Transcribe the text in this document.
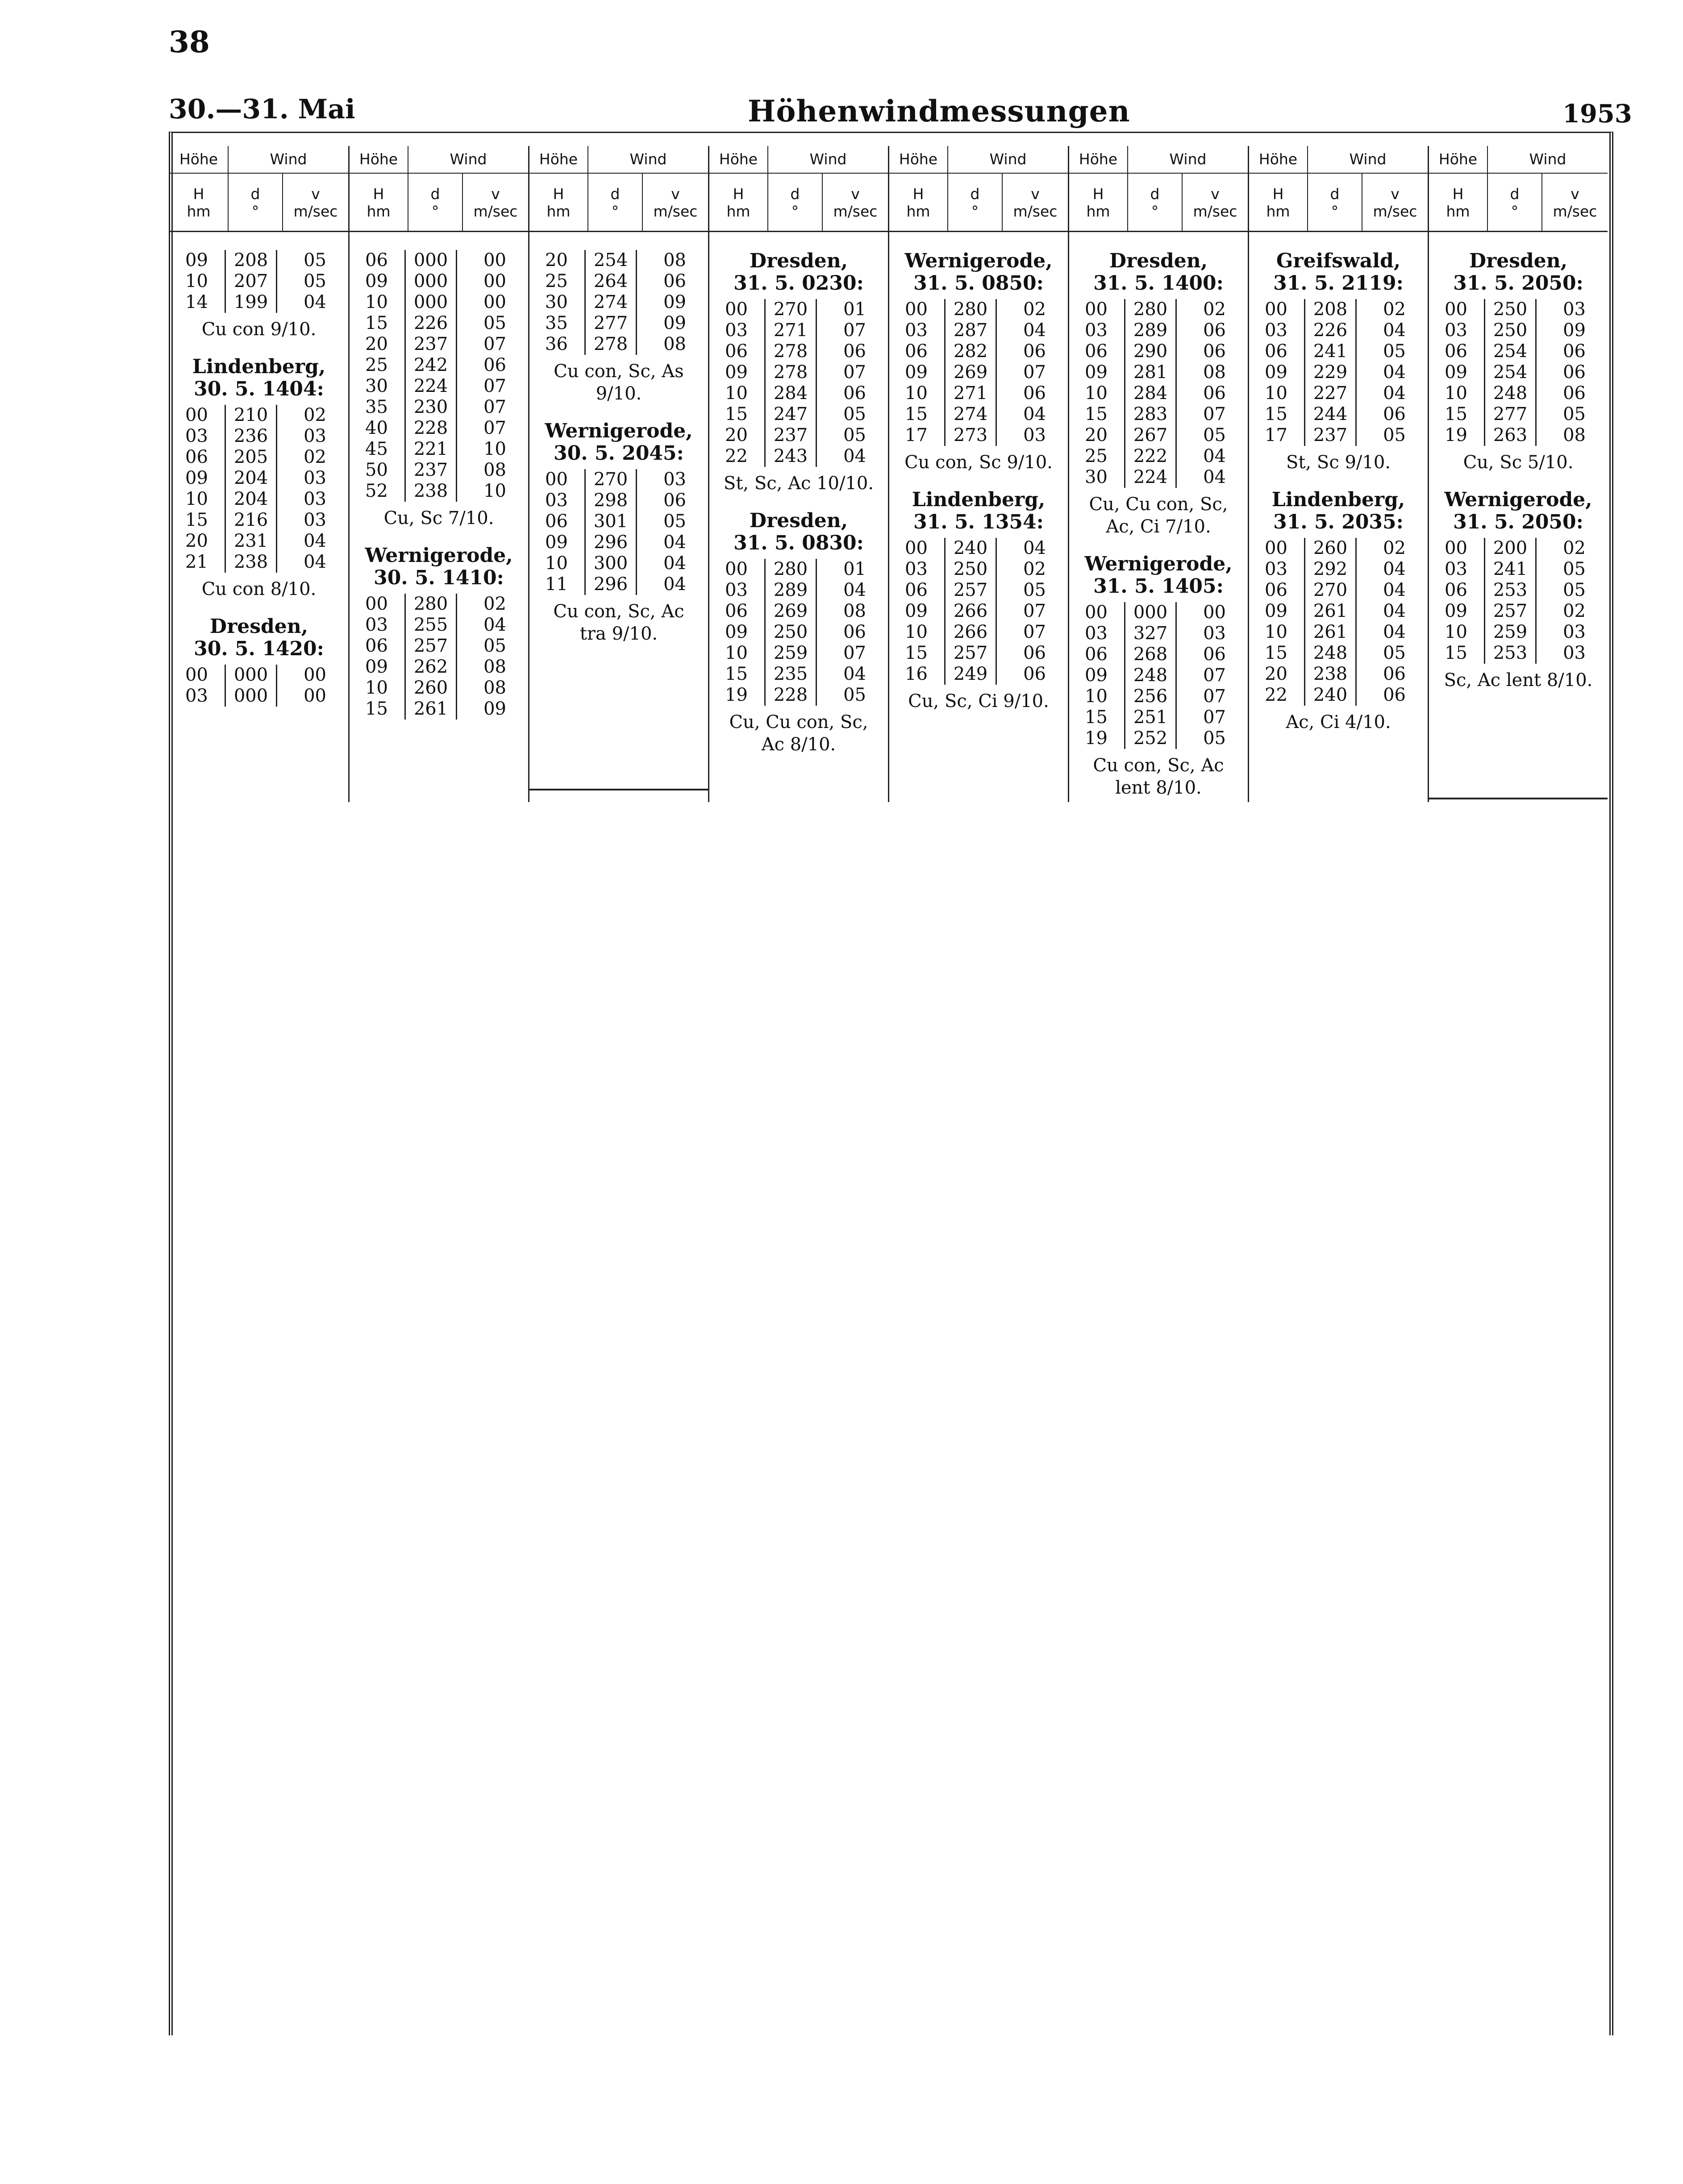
38
30.—31. Mai	Höhenwindmessungen	1953
Höhe	Wind
H
hm
d
°
v
m/sec
09	208	05
10	207	05
14	199	04
Cu con 9/10.
Lindenberg,
30. 5. 1404:
00	210	02
03	236	03
06	205	02
09	204	03
10	204	03
15	216	03
20	231	04
21	238	04
Cu con 8/10.
Dresden,
30. 5. 1420:
00	000	00
03	000	00
Höhe	Wind
H
hm
d
°
v
m/sec
06	000	00
09	000	00
10	000	00
15	226	05
20	237	07
25	242	06
30	224	07
35	230	07
40	228	07
45	221	10
50	237	08
52	238	10
Cu, Sc 7/10.
Wernigerode,
30. 5. 1410:
00	280	02
03	255	04
06	257	05
09	262	08
10	260	08
15	261	09
Höhe	Wind
H
hm
d
°
v
m/sec
20	254	08
25	264	06
30	274	09
35	277	09
36	278	08
Cu con, Sc, As 9/10.
Wernigerode,
30. 5. 2045:
00	270	03
03	298	06
06	301	05
09	296	04
10	300	04
11	296	04
Cu con, Sc, Ac tra 9/10.
Höhe	Wind
H
hm
d
°
v
m/sec
Dresden,
31. 5. 0230:
00	270	01
03	271	07
06	278	06
09	278	07
10	284	06
15	247	05
20	237	05
22	243	04
St, Sc, Ac 10/10.
Dresden,
31. 5. 0830:
00	280	01
03	289	04
06	269	08
09	250	06
10	259	07
15	235	04
19	228	05
Cu, Cu con, Sc, Ac 8/10.
Höhe	Wind
H
hm
d
°
v
m/sec
Wernigerode,
31. 5. 0850:
00	280	02
03	287	04
06	282	06
09	269	07
10	271	06
15	274	04
17	273	03
Cu con, Sc 9/10.
Lindenberg,
31. 5. 1354:
00	240	04
03	250	02
06	257	05
09	266	07
10	266	07
15	257	06
16	249	06
Cu, Sc, Ci 9/10.
Höhe	Wind
H
hm
d
°
v
m/sec
Dresden,
31. 5. 1400:
00	280	02
03	289	06
06	290	06
09	281	08
10	284	06
15	283	07
20	267	05
25	222	04
30	224	04
Cu, Cu con, Sc, Ac, Ci 7/10.
Wernigerode,
31. 5. 1405:
00	000	00
03	327	03
06	268	06
09	248	07
10	256	07
15	251	07
19	252	05
Cu con, Sc, Ac lent 8/10.
Höhe	Wind
H
hm
d
°
v
m/sec
Greifswald,
31. 5. 2119:
00	208	02
03	226	04
06	241	05
09	229	04
10	227	04
15	244	06
17	237	05
St, Sc 9/10.
Lindenberg,
31. 5. 2035:
00	260	02
03	292	04
06	270	04
09	261	04
10	261	04
15	248	05
20	238	06
22	240	06
Ac, Ci 4/10.
Höhe	Wind
H
hm
d
°
v
m/sec
Dresden,
31. 5. 2050:
00	250	03
03	250	09
06	254	06
09	254	06
10	248	06
15	277	05
19	263	08
Cu, Sc 5/10.
Wernigerode,
31. 5. 2050:
00	200	02
03	241	05
06	253	05
09	257	02
10	259	03
15	253	03
Sc, Ac lent 8/10.
